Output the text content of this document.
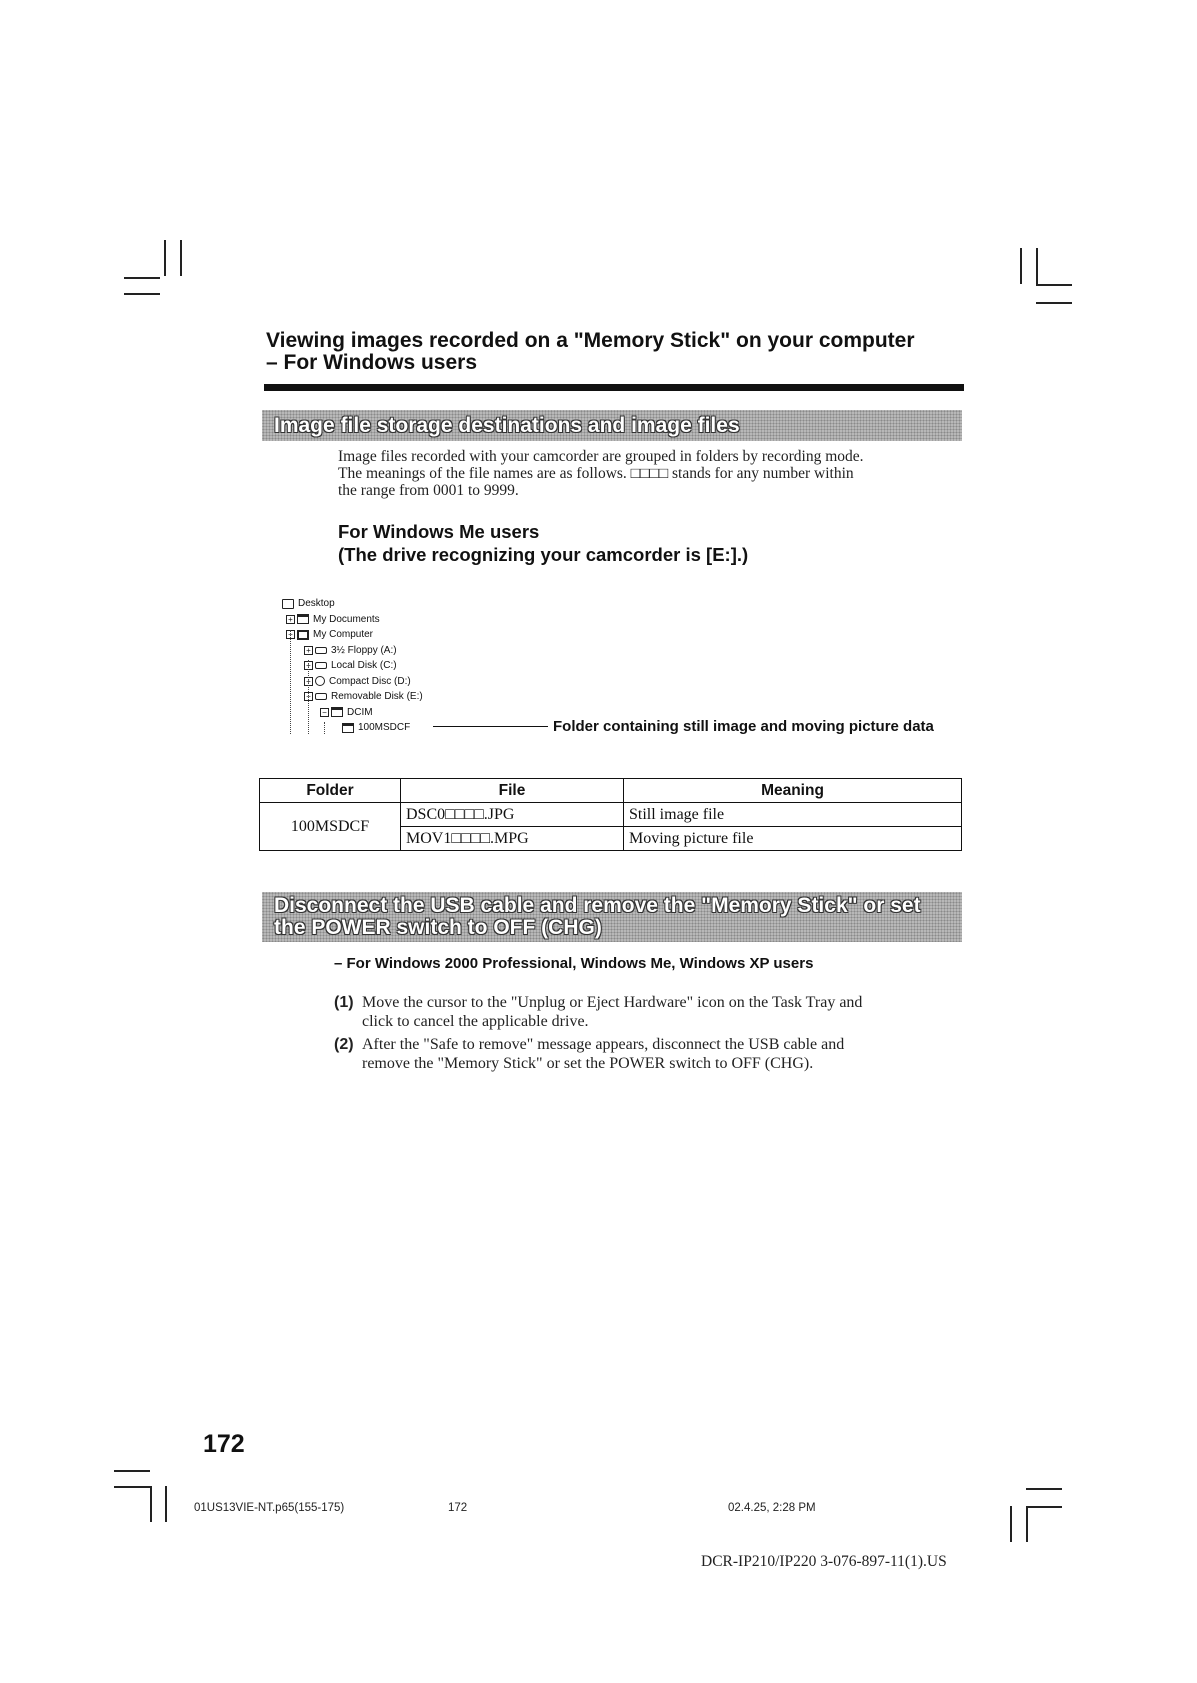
Viewing images recorded on a "Memory Stick" on your computer
– For Windows users
Image file storage destinations and image files
Image files recorded with your camcorder are grouped in folders by recording mode.
The meanings of the file names are as follows. □□□□ stands for any number within
the range from 0001 to 9999.
For Windows Me users
(The drive recognizing your camcorder is [E:].)
Desktop
+ My Documents
− My Computer
+ 3½ Floppy (A:)
+ Local Disk (C:)
+ Compact Disc (D:)
− Removable Disk (E:)
− DCIM
100MSDCF	Folder containing still image and moving picture data
Folder	File	Meaning
100MSDCF	DSC0□□□□.JPG	Still image file
	MOV1□□□□.MPG	Moving picture file
Disconnect the USB cable and remove the "Memory Stick" or set
the POWER switch to OFF (CHG)
– For Windows 2000 Professional, Windows Me, Windows XP users
(1) Move the cursor to the "Unplug or Eject Hardware" icon on the Task Tray and
click to cancel the applicable drive.
(2) After the "Safe to remove" message appears, disconnect the USB cable and
remove the "Memory Stick" or set the POWER switch to OFF (CHG).
172
01US13VIE-NT.p65(155-175)	172	02.4.25, 2:28 PM
DCR-IP210/IP220 3-076-897-11(1).US
